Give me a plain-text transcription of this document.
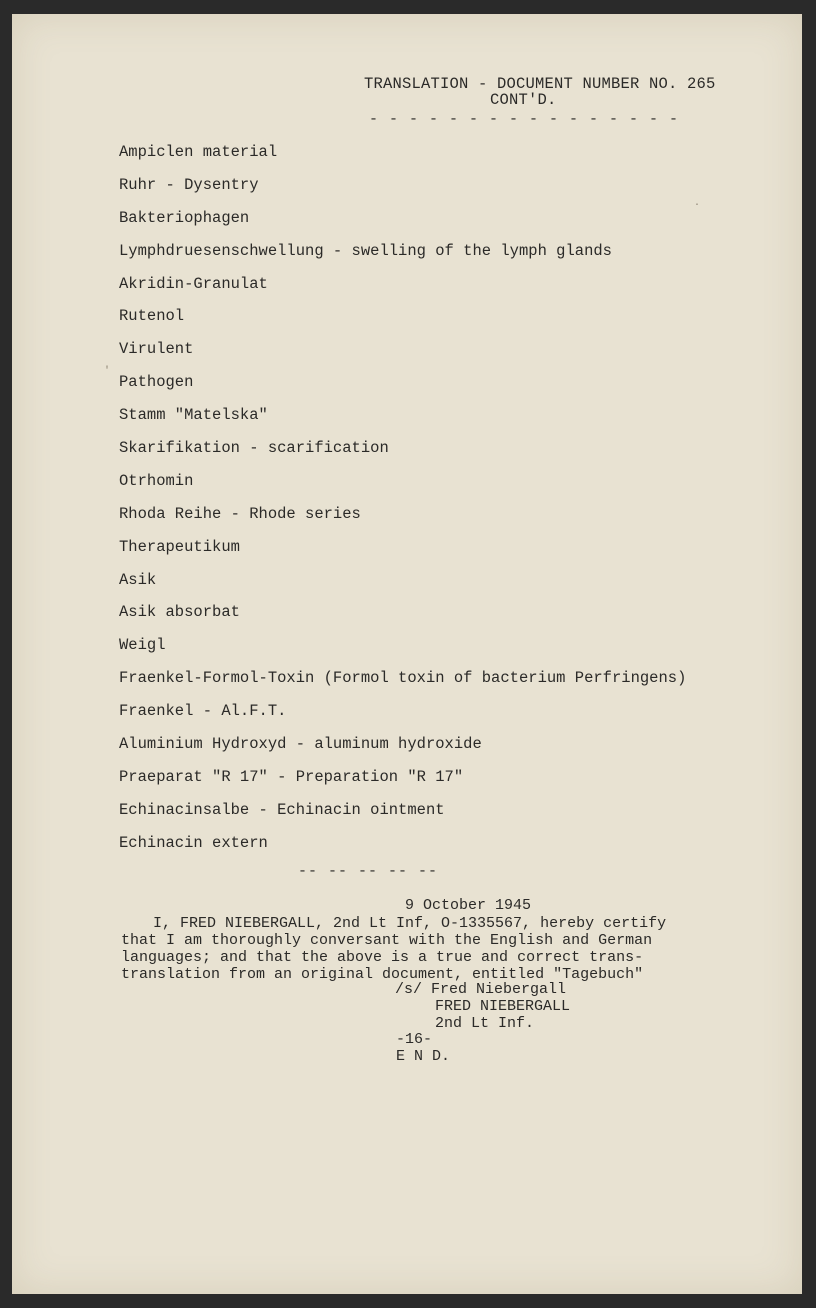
TRANSLATION - DOCUMENT NUMBER NO. 265
CONT'D.
- - - - - - - - - - - - - - - -
Ampiclen material
Ruhr - Dysentry
Bakteriophagen
Lymphdruesenschwellung - swelling of the lymph glands
Akridin-Granulat
Rutenol
Virulent
Pathogen
Stamm "Matelska"
Skarifikation - scarification
Otrhomin
Rhoda Reihe - Rhode series
Therapeutikum
Asik
Asik absorbat
Weigl
Fraenkel-Formol-Toxin (Formol toxin of bacterium Perfringens)
Fraenkel - Al.F.T.
Aluminium Hydroxyd - aluminum hydroxide
Praeparat "R 17" - Preparation "R 17"
Echinacinsalbe - Echinacin ointment
Echinacin extern
-- -- -- -- --
9 October 1945
I, FRED NIEBERGALL, 2nd Lt Inf, O-1335567, hereby certify
that I am thoroughly conversant with the English and German
languages; and that the above is a true and correct trans-
translation from an original document, entitled "Tagebuch"
/s/ Fred Niebergall
FRED NIEBERGALL
2nd Lt Inf.
-16-
E N D.
·
′
